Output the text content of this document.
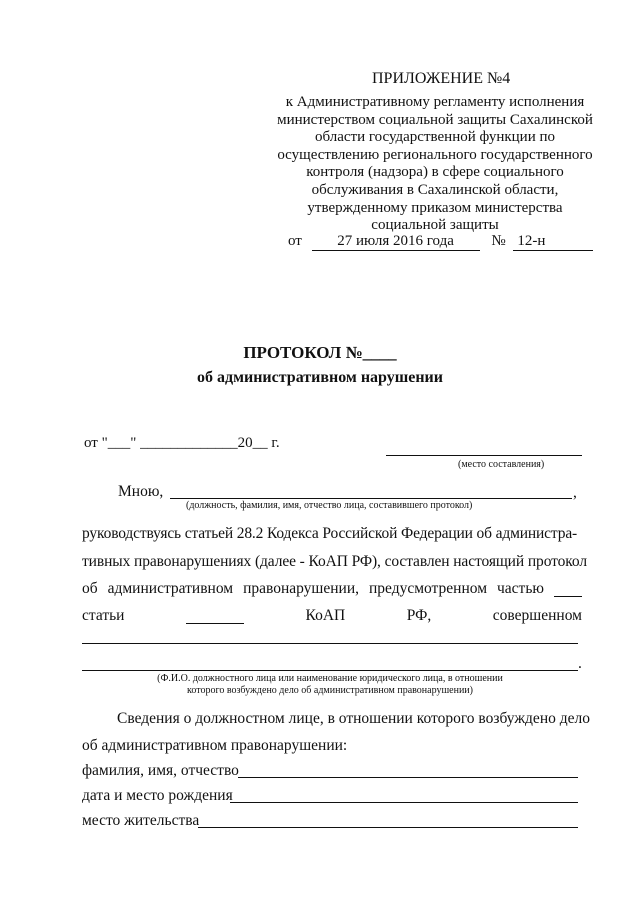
ПРИЛОЖЕНИЕ №4
к Административному регламенту исполнения министерством социальной защиты Сахалинской области государственной функции по осуществлению регионального государственного контроля (надзора) в сфере социального обслуживания в Сахалинской области, утвержденному приказом министерства социальной защиты
от 27 июля 2016 года № 12-н
ПРОТОКОЛ №____
об административном нарушении
от "___" _____________20__ г.
(место составления)
Мною,	,
(должность, фамилия, имя, отчество лица, составившего протокол)
руководствуясь статьей 28.2 Кодекса Российской Федерации об администра-
тивных правонарушениях (далее - КоАП РФ), составлен настоящий протокол
об административном правонарушении, предусмотренном частью
статьи	КоАП	РФ,	совершенном
.
(Ф.И.О. должностного лица или наименование юридического лица, в отношении
которого возбуждено дело об административном правонарушении)
Сведения о должностном лице, в отношении которого возбуждено дело
об административном правонарушении:
фамилия, имя, отчество
дата и место рождения
место жительства
